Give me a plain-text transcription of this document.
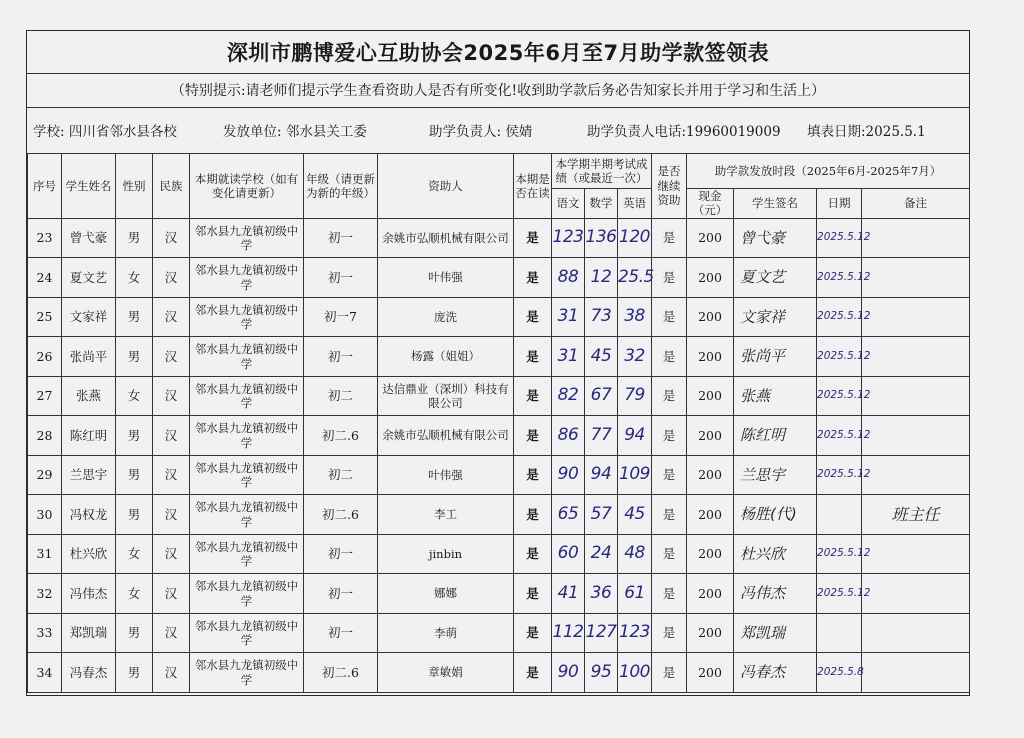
深圳市鹏博爱心互助协会2025年6月至7月助学款签领表
（特别提示:请老师们提示学生查看资助人是否有所变化!收到助学款后务必告知家长并用于学习和生活上）
学校: 四川省邻水县各校	发放单位: 邻水县关工委	助学负责人: 侯婧	助学负责人电话:19960019009	填表日期:2025.5.1
序号	学生姓名	性别	民族	本期就读学校（如有变化请更新）	年级（请更新为新的年级）	资助人	本期是否在读	本学期半期考试成绩（或最近一次）			是否继续资助	助学款发放时段（2025年6月-2025年7月）			
								语文	数学	英语		现金（元）	学生签名	日期	备注
23	曾弋豪	男	汉	邻水县九龙镇初级中学	初一	余姚市弘顺机械有限公司	是	123	136	120	是	200	曾弋豪	2025.5.12	
24	夏文艺	女	汉	邻水县九龙镇初级中学	初一	叶伟强	是	88	12	25.5	是	200	夏文艺	2025.5.12	
25	文家祥	男	汉	邻水县九龙镇初级中学	初一7	庞洗	是	31	73	38	是	200	文家祥	2025.5.12	
26	张尚平	男	汉	邻水县九龙镇初级中学	初一	杨露（姐姐）	是	31	45	32	是	200	张尚平	2025.5.12	
27	张燕	女	汉	邻水县九龙镇初级中学	初二	达信鼎业（深圳）科技有限公司	是	82	67	79	是	200	张燕	2025.5.12	
28	陈红明	男	汉	邻水县九龙镇初级中学	初二.6	余姚市弘顺机械有限公司	是	86	77	94	是	200	陈红明	2025.5.12	
29	兰思宇	男	汉	邻水县九龙镇初级中学	初二	叶伟强	是	90	94	109	是	200	兰思宇	2025.5.12	
30	冯权龙	男	汉	邻水县九龙镇初级中学	初二.6	李工	是	65	57	45	是	200	杨胜(代)		班主任
31	杜兴欣	女	汉	邻水县九龙镇初级中学	初一	jinbin	是	60	24	48	是	200	杜兴欣	2025.5.12	
32	冯伟杰	女	汉	邻水县九龙镇初级中学	初一	娜娜	是	41	36	61	是	200	冯伟杰	2025.5.12	
33	郑凯瑞	男	汉	邻水县九龙镇初级中学	初一	李萌	是	112	127	123	是	200	郑凯瑞		
34	冯春杰	男	汉	邻水县九龙镇初级中学	初二.6	章敏娟	是	90	95	100	是	200	冯春杰	2025.5.8	
